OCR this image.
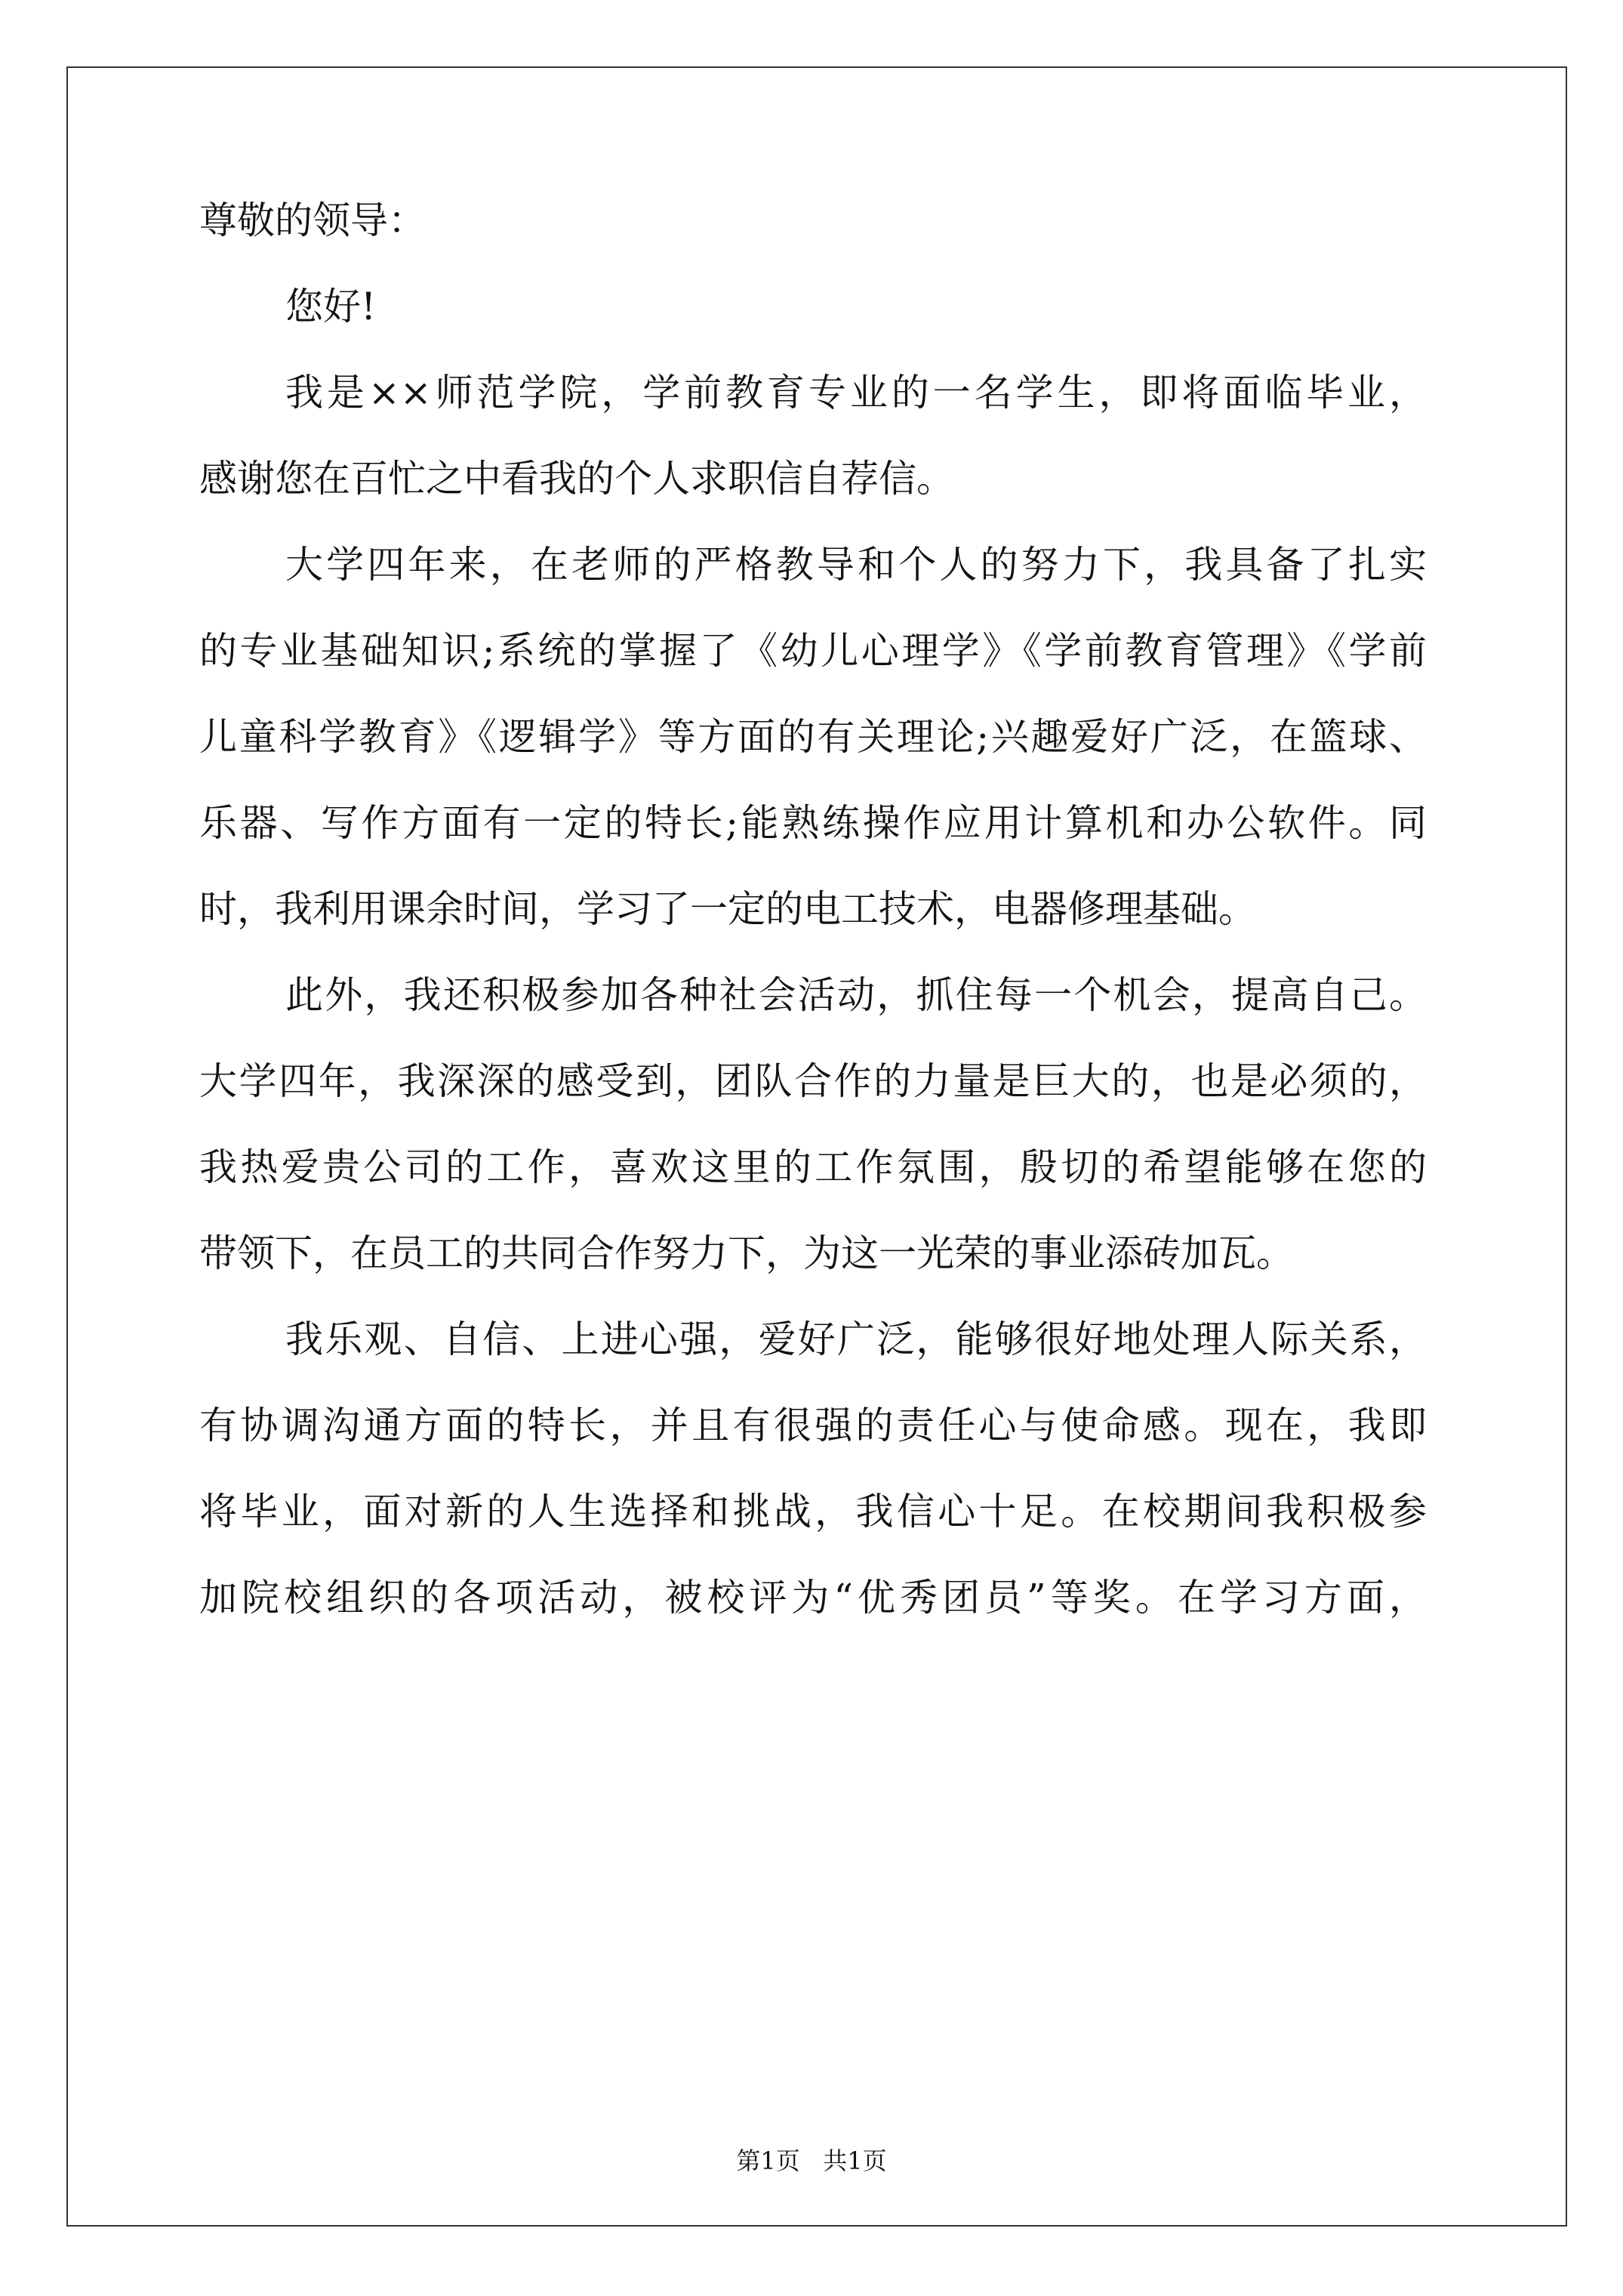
尊敬的领导：
您好!
我是××师范学院，学前教育专业的一名学生，即将面临毕业，
感谢您在百忙之中看我的个人求职信自荐信。
大学四年来，在老师的严格教导和个人的努力下，我具备了扎实
的专业基础知识;系统的掌握了《幼儿心理学》《学前教育管理》《学前
儿童科学教育》《逻辑学》等方面的有关理论;兴趣爱好广泛，在篮球、
乐器、写作方面有一定的特长;能熟练操作应用计算机和办公软件。同
时，我利用课余时间，学习了一定的电工技术，电器修理基础。
此外，我还积极参加各种社会活动，抓住每一个机会，提高自己。
大学四年，我深深的感受到，团队合作的力量是巨大的，也是必须的，
我热爱贵公司的工作，喜欢这里的工作氛围，殷切的希望能够在您的
带领下，在员工的共同合作努力下，为这一光荣的事业添砖加瓦。
我乐观、自信、上进心强，爱好广泛，能够很好地处理人际关系，
有协调沟通方面的特长，并且有很强的责任心与使命感。现在，我即
将毕业，面对新的人生选择和挑战，我信心十足。在校期间我积极参
加院校组织的各项活动，被校评为“优秀团员”等奖。在学习方面，
第1页   共1页
